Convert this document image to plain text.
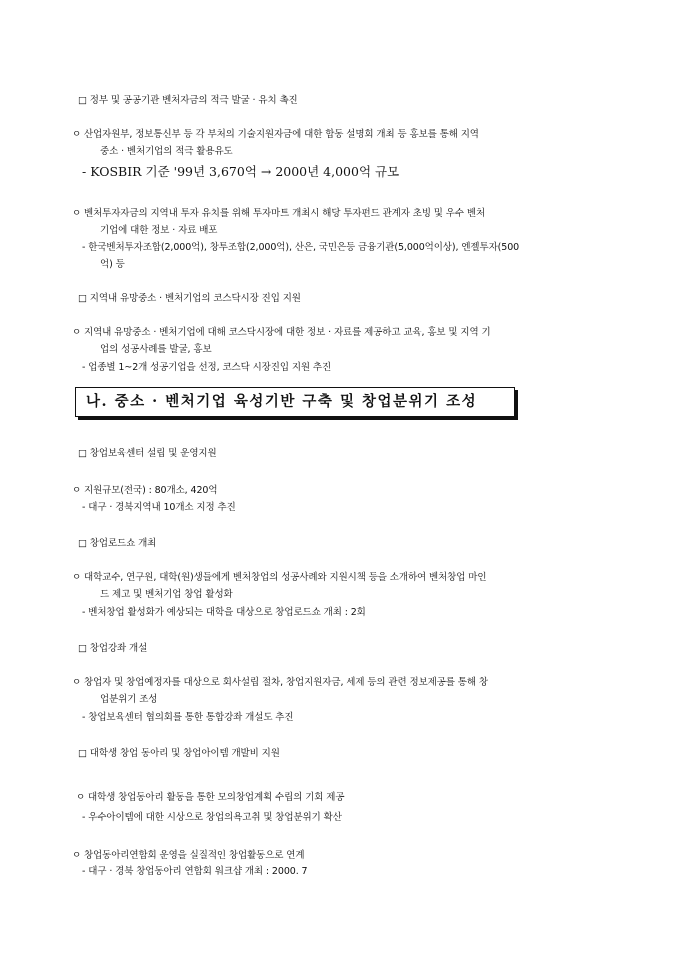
□ 정부 및 공공기관 벤처자금의 적극 발굴 · 유치 촉진
ㅇ 산업자원부, 정보통신부 등 각 부처의 기술지원자금에 대한 합동 설명회 개최 등 홍보를 통해 지역
중소 · 벤처기업의 적극 활용유도
- KOSBIR 기준 '99년 3,670억 → 2000년 4,000억 규모
ㅇ 벤처투자자금의 지역내 투자 유치를 위해 투자마트 개최시 해당 투자펀드 관계자 초빙 및 우수 벤처
기업에 대한 정보 · 자료 배포
- 한국벤처투자조합(2,000억), 창투조합(2,000억), 산은, 국민은등 금융기관(5,000억이상), 엔젤투자(500
억) 등
□ 지역내 유망중소 · 벤처기업의 코스닥시장 진입 지원
ㅇ 지역내 유망중소 · 벤처기업에 대해 코스닥시장에 대한 정보 · 자료를 제공하고 교육, 홍보 및 지역 기
업의 성공사례를 발굴, 홍보
- 업종별 1~2개 성공기업을 선정, 코스닥 시장진입 지원 추진
나. 중소 · 벤처기업 육성기반 구축 및 창업분위기 조성
□ 창업보육센터 설립 및 운영지원
ㅇ 지원규모(전국) : 80개소, 420억
- 대구 · 경북지역내 10개소 지정 추진
□ 창업로드쇼 개최
ㅇ 대학교수, 연구원, 대학(원)생들에게 벤처창업의 성공사례와 지원시책 등을 소개하여 벤처창업 마인
드 제고 및 벤처기업 창업 활성화
- 벤처창업 활성화가 예상되는 대학을 대상으로 창업로드쇼 개최 : 2회
□ 창업강좌 개설
ㅇ 창업자 및 창업예정자를 대상으로 회사설립 절차, 창업지원자금, 세제 등의 관련 정보제공를 통해 창
업분위기 조성
- 창업보육센터 협의회를 통한 통합강좌 개설도 추진
□ 대학생 창업 동아리 및 창업아이템 개발비 지원
ㅇ 대학생 창업동아리 활동을 통한 모의창업계획 수립의 기회 제공
- 우수아이템에 대한 시상으로 창업의욕고취 및 창업분위기 확산
ㅇ 창업동아리연합회 운영을 실질적인 창업활동으로 연계
- 대구 · 경북 창업동아리 연합회 워크샵 개최 : 2000. 7
